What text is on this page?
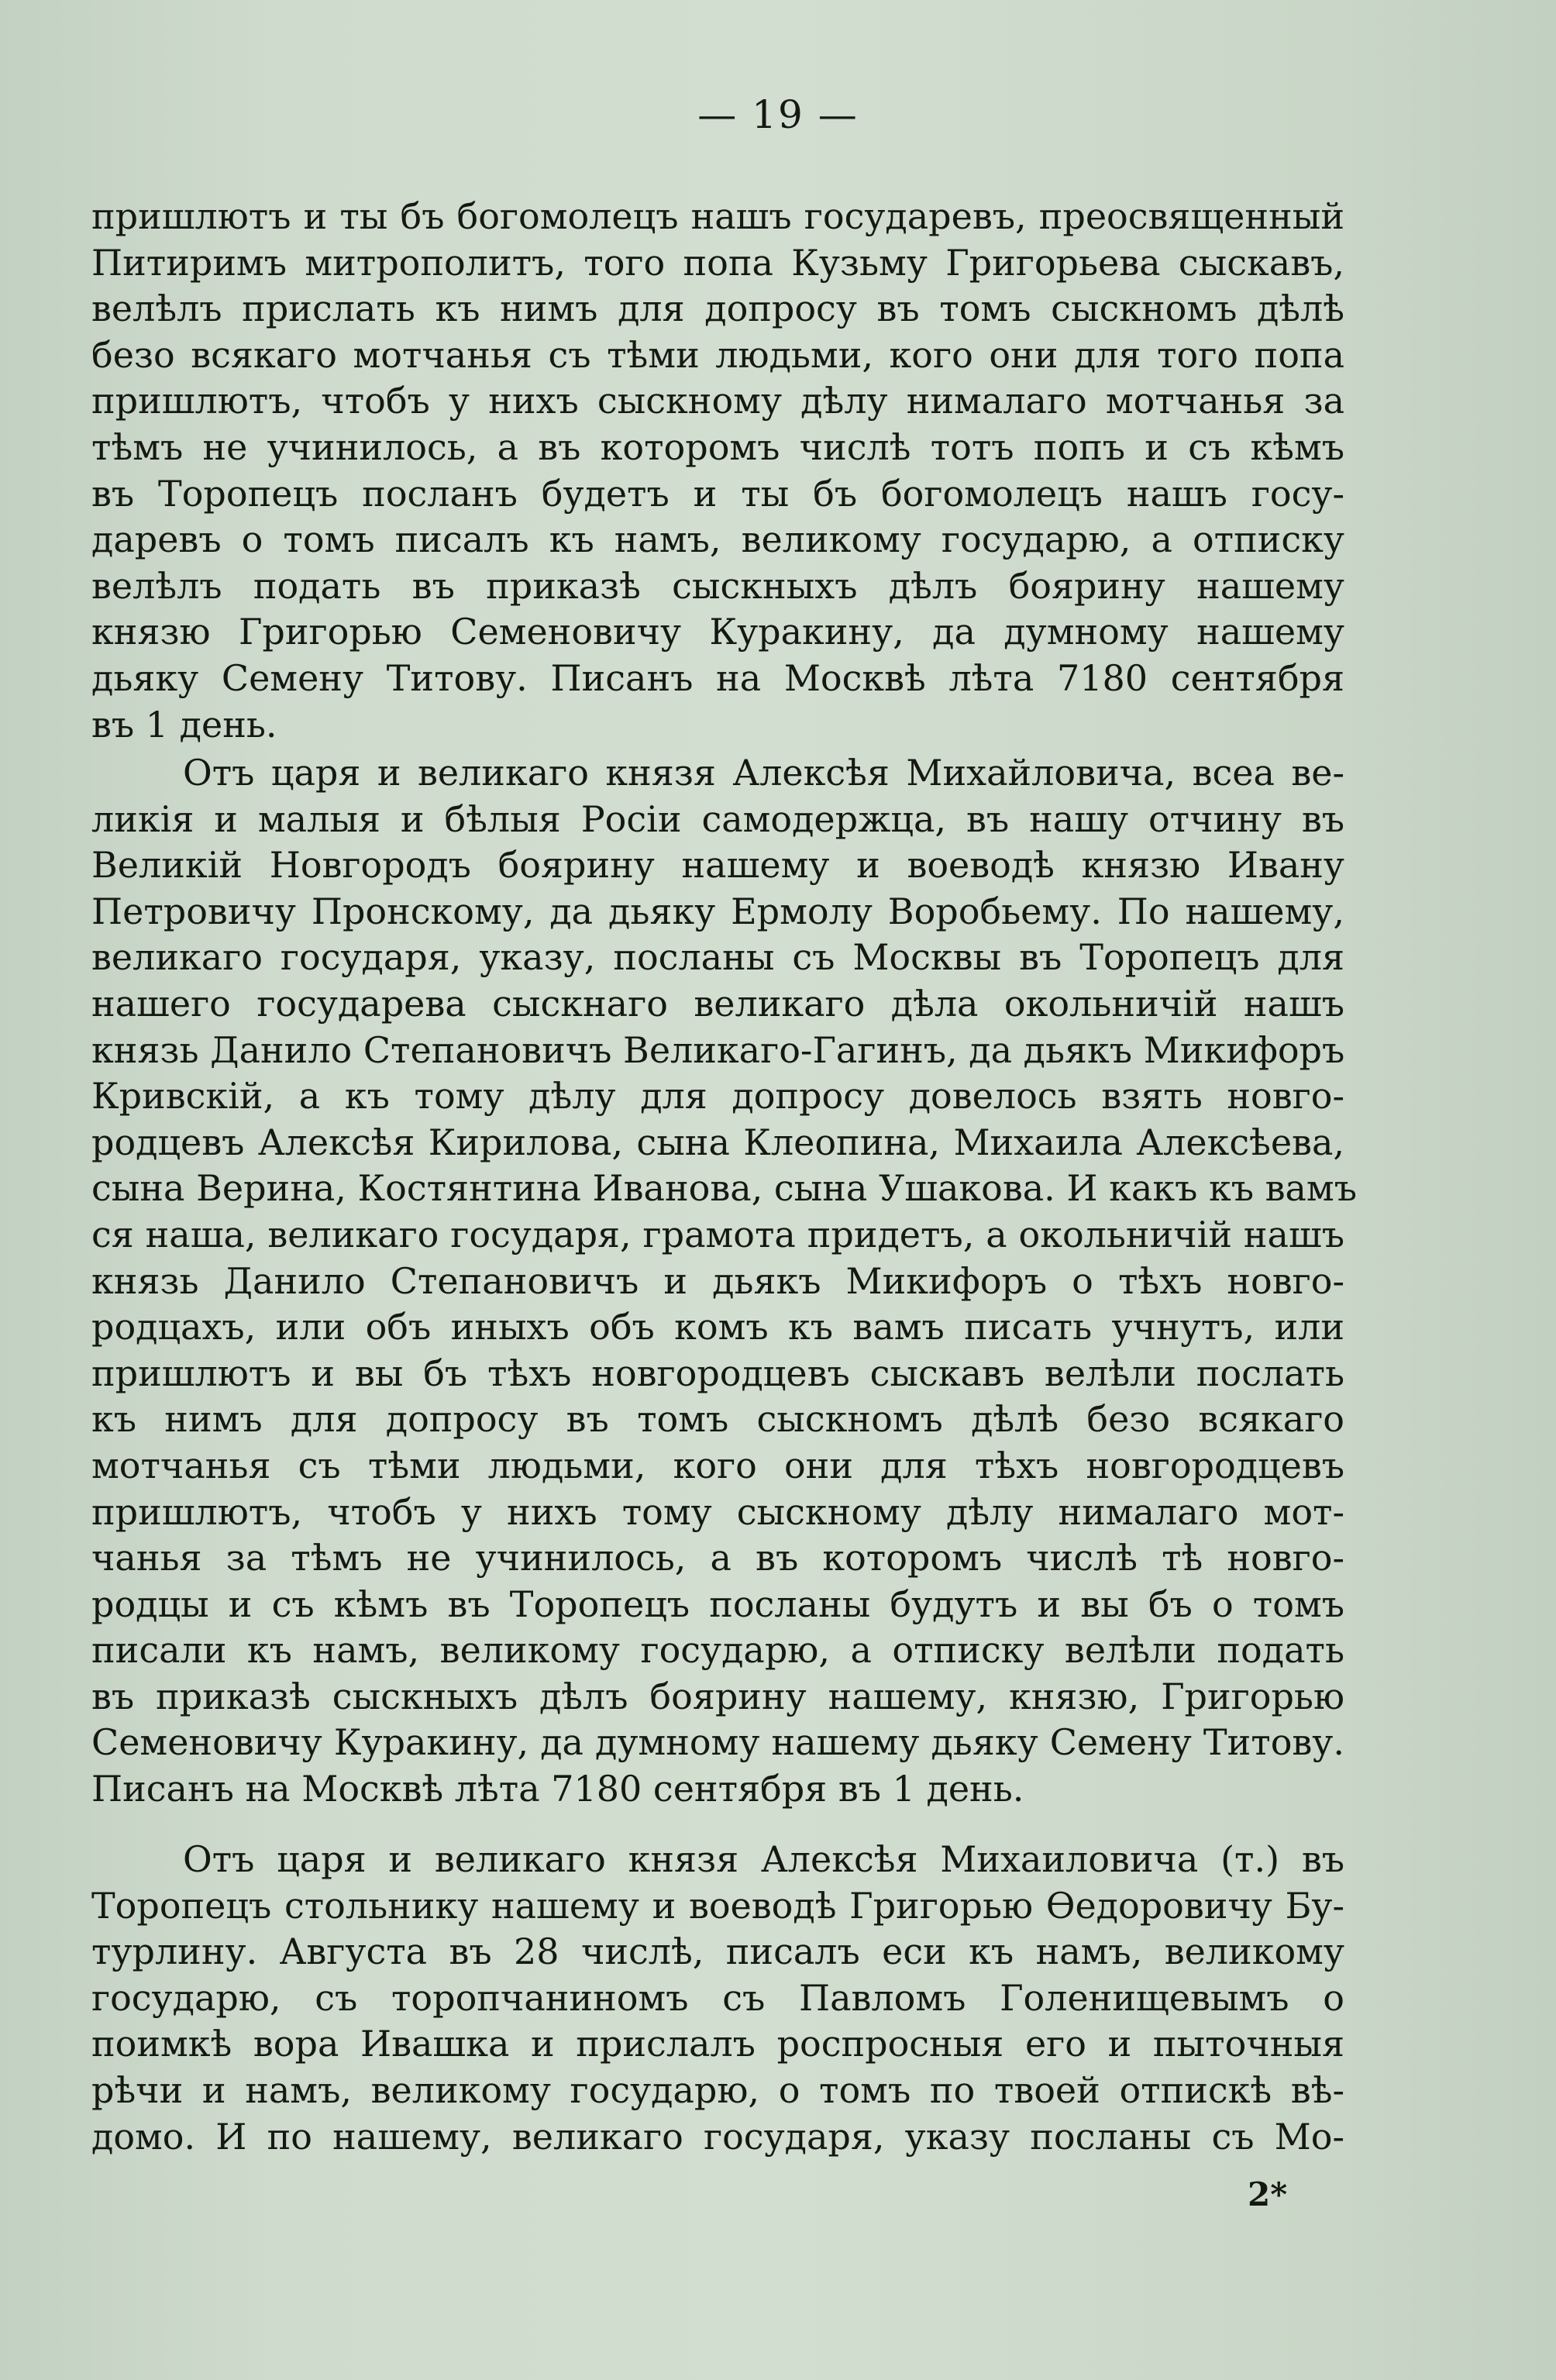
— 19 —
пришлютъ и ты бъ богомолецъ нашъ государевъ, преосвященный
Питиримъ митрополитъ, того попа Кузьму Григорьева сыскавъ,
велѣлъ прислать къ нимъ для допросу въ томъ сыскномъ дѣлѣ
безо всякаго мотчанья съ тѣми людьми, кого они для того попа
пришлютъ, чтобъ у нихъ сыскному дѣлу нималаго мотчанья за
тѣмъ не учинилось, а въ которомъ числѣ тотъ попъ и съ кѣмъ
въ Торопецъ посланъ будетъ и ты бъ богомолецъ нашъ госу-
даревъ о томъ писалъ къ намъ, великому государю, а отписку
велѣлъ подать въ приказѣ сыскныхъ дѣлъ боярину нашему
князю Григорью Семеновичу Куракину, да думному нашему
дьяку Семену Титову. Писанъ на Москвѣ лѣта 7180 сентября
въ 1 день.
Отъ царя и великаго князя Алексѣя Михайловича, всеа ве-
ликія и малыя и бѣлыя Росіи самодержца, въ нашу отчину въ
Великій Новгородъ боярину нашему и воеводѣ князю Ивану
Петровичу Пронскому, да дьяку Ермолу Воробьему. По нашему,
великаго государя, указу, посланы съ Москвы въ Торопецъ для
нашего государева сыскнаго великаго дѣла окольничій нашъ
князь Данило Степановичъ Великаго-Гагинъ, да дьякъ Микифоръ
Кривскій, а къ тому дѣлу для допросу довелось взять новго-
родцевъ Алексѣя Кирилова, сына Клеопина, Михаила Алексѣева,
сына Верина, Костянтина Иванова, сына Ушакова. И какъ къ вамъ
ся наша, великаго государя, грамота придетъ, а окольничій нашъ
князь Данило Степановичъ и дьякъ Микифоръ о тѣхъ новго-
родцахъ, или объ иныхъ объ комъ къ вамъ писать учнутъ, или
пришлютъ и вы бъ тѣхъ новгородцевъ сыскавъ велѣли послать
къ нимъ для допросу въ томъ сыскномъ дѣлѣ безо всякаго
мотчанья съ тѣми людьми, кого они для тѣхъ новгородцевъ
пришлютъ, чтобъ у нихъ тому сыскному дѣлу нималаго мот-
чанья за тѣмъ не учинилось, а въ которомъ числѣ тѣ новго-
родцы и съ кѣмъ въ Торопецъ посланы будутъ и вы бъ о томъ
писали къ намъ, великому государю, а отписку велѣли подать
въ приказѣ сыскныхъ дѣлъ боярину нашему, князю, Григорью
Семеновичу Куракину, да думному нашему дьяку Семену Титову.
Писанъ на Москвѣ лѣта 7180 сентября въ 1 день.
Отъ царя и великаго князя Алексѣя Михаиловича (т.) въ
Торопецъ стольнику нашему и воеводѣ Григорью Ѳедоровичу Бу-
турлину. Августа въ 28 числѣ, писалъ еси къ намъ, великому
государю, съ торопчаниномъ съ Павломъ Голенищевымъ о
поимкѣ вора Ивашка и прислалъ роспросныя его и пыточныя
рѣчи и намъ, великому государю, о томъ по твоей отпискѣ вѣ-
домо. И по нашему, великаго государя, указу посланы съ Мо-
2*
